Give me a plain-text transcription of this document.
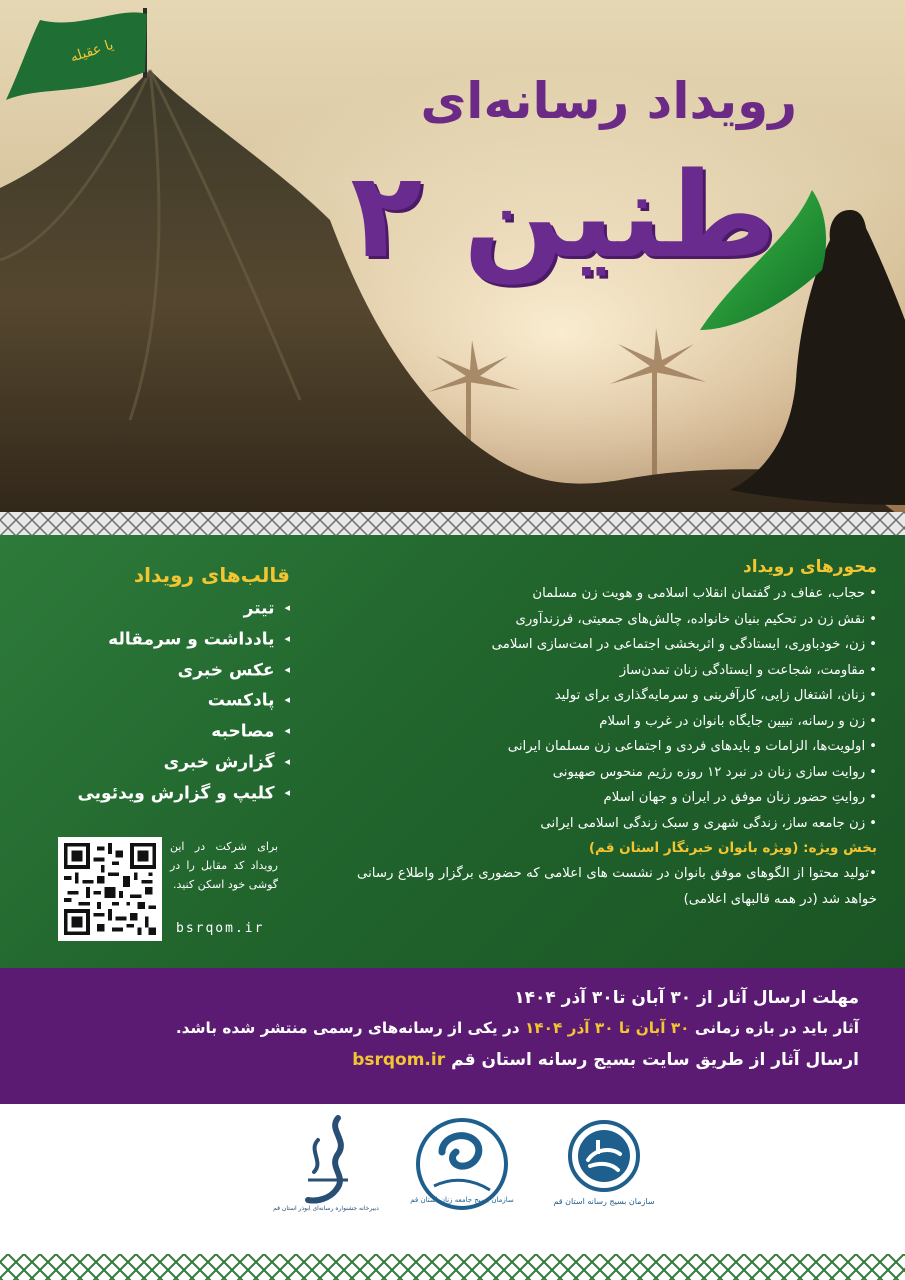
یا عقیله
رویداد رسانه‌ای
طنین ۲
محورهای رویداد
•حجاب، عفاف در گفتمان انقلاب اسلامی و هویت زن مسلمان
•نقش زن در تحکیم بنیان خانواده، چالش‌های جمعیتی، فرزندآوری
•زن، خودباوری، ایستادگی و اثربخشی اجتماعی در امت‌سازی اسلامی
•مقاومت، شجاعت و ایستادگی زنان تمدن‌ساز
•زنان، اشتغال زایی، کارآفرینی و سرمایه‌گذاری برای تولید
•زن و رسانه، تبیین جایگاه بانوان در غرب و اسلام
•اولویت‌ها، الزامات و بایدهای فردی و اجتماعی زن مسلمان ایرانی
•روایت سازی زنان در نبرد ۱۲ روزه رژیم منحوس صهیونی
•روایتِ حضور زنان موفق در ایران و جهان اسلام
•زن جامعه ساز، زندگی شهری و سبک زندگی اسلامی ایرانی
بخش ویژه: (ویژه بانوان خبرنگار استان قم)
•تولید محتوا از الگوهای موفق بانوان در نشست های اعلامی که حضوری برگزار واطلاع رسانی خواهد شد (در همه قالبهای اعلامی)
قالب‌های رویداد
◂تیتر
◂یادداشت و سرمقاله
◂عکس خبری
◂پادکست
◂مصاحبه
◂گزارش خبری
◂کلیپ و گزارش ویدئویی
برای شرکت در این رویداد کد مقابل را در گوشی خود اسکن کنید.
bsrqom.ir
مهلت ارسال آثار از ۳۰ آبان تا۳۰ آذر ۱۴۰۴
آثار باید در بازه زمانی ۳۰ آبان تا ۳۰ آذر ۱۴۰۴ در یکی از رسانه‌های رسمی منتشر شده باشد.
ارسال آثار از طریق سایت بسیج رسانه استان قمbsrqom.ir
سازمان بسیج رسانه استان قم
سازمان بسیج جامعه زنان استان قم
دبیرخانه جشنواره رسانه‌ای ابوذر استان قم
